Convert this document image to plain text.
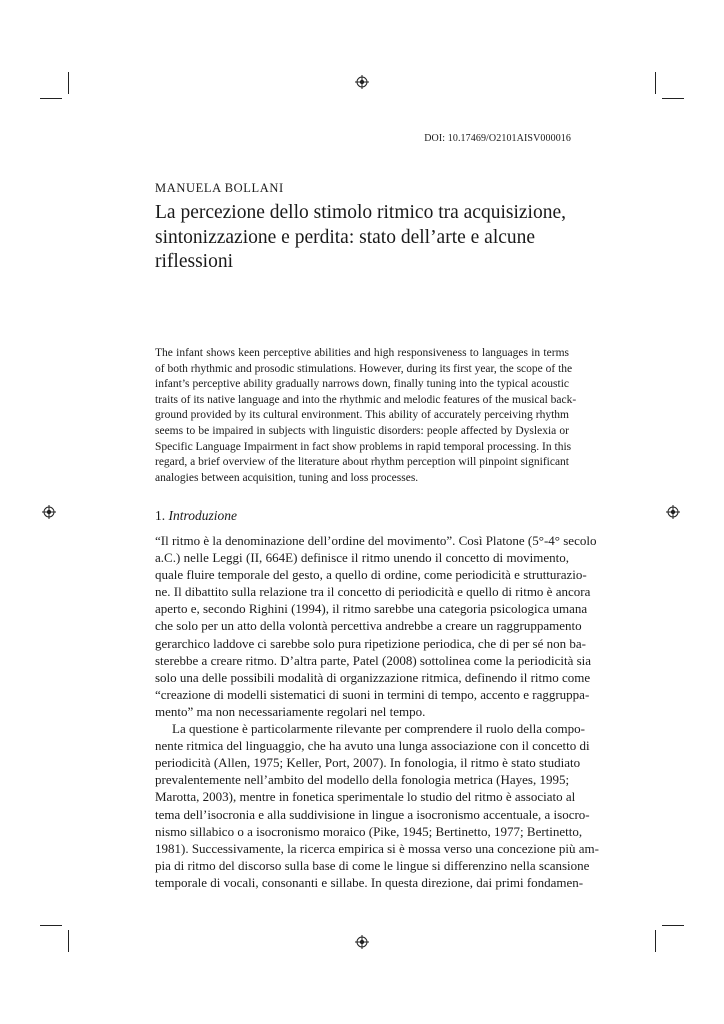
DOI: 10.17469/O2101AISV000016
MANUELA BOLLANI
La percezione dello stimolo ritmico tra acquisizione,
sintonizzazione e perdita: stato dell’arte e alcune
riflessioni
The infant shows keen perceptive abilities and high responsiveness to languages in terms
of both rhythmic and prosodic stimulations. However, during its first year, the scope of the
infant’s perceptive ability gradually narrows down, finally tuning into the typical acoustic
traits of its native language and into the rhythmic and melodic features of the musical back-
ground provided by its cultural environment. This ability of accurately perceiving rhythm
seems to be impaired in subjects with linguistic disorders: people affected by Dyslexia or
Specific Language Impairment in fact show problems in rapid temporal processing. In this
regard, a brief overview of the literature about rhythm perception will pinpoint significant
analogies between acquisition, tuning and loss processes.
1. Introduzione
“Il ritmo è la denominazione dell’ordine del movimento”. Così Platone (5°-4° secolo
a.C.) nelle Leggi (II, 664E) definisce il ritmo unendo il concetto di movimento,
quale fluire temporale del gesto, a quello di ordine, come periodicità e strutturazio-
ne. Il dibattito sulla relazione tra il concetto di periodicità e quello di ritmo è ancora
aperto e, secondo Righini (1994), il ritmo sarebbe una categoria psicologica umana
che solo per un atto della volontà percettiva andrebbe a creare un raggruppamento
gerarchico laddove ci sarebbe solo pura ripetizione periodica, che di per sé non ba-
sterebbe a creare ritmo. D’altra parte, Patel (2008) sottolinea come la periodicità sia
solo una delle possibili modalità di organizzazione ritmica, definendo il ritmo come
“creazione di modelli sistematici di suoni in termini di tempo, accento e raggruppa-
mento” ma non necessariamente regolari nel tempo.
La questione è particolarmente rilevante per comprendere il ruolo della compo-
nente ritmica del linguaggio, che ha avuto una lunga associazione con il concetto di
periodicità (Allen, 1975; Keller, Port, 2007). In fonologia, il ritmo è stato studiato
prevalentemente nell’ambito del modello della fonologia metrica (Hayes, 1995;
Marotta, 2003), mentre in fonetica sperimentale lo studio del ritmo è associato al
tema dell’isocronia e alla suddivisione in lingue a isocronismo accentuale, a isocro-
nismo sillabico o a isocronismo moraico (Pike, 1945; Bertinetto, 1977; Bertinetto,
1981). Successivamente, la ricerca empirica si è mossa verso una concezione più am-
pia di ritmo del discorso sulla base di come le lingue si differenzino nella scansione
temporale di vocali, consonanti e sillabe. In questa direzione, dai primi fondamen-
